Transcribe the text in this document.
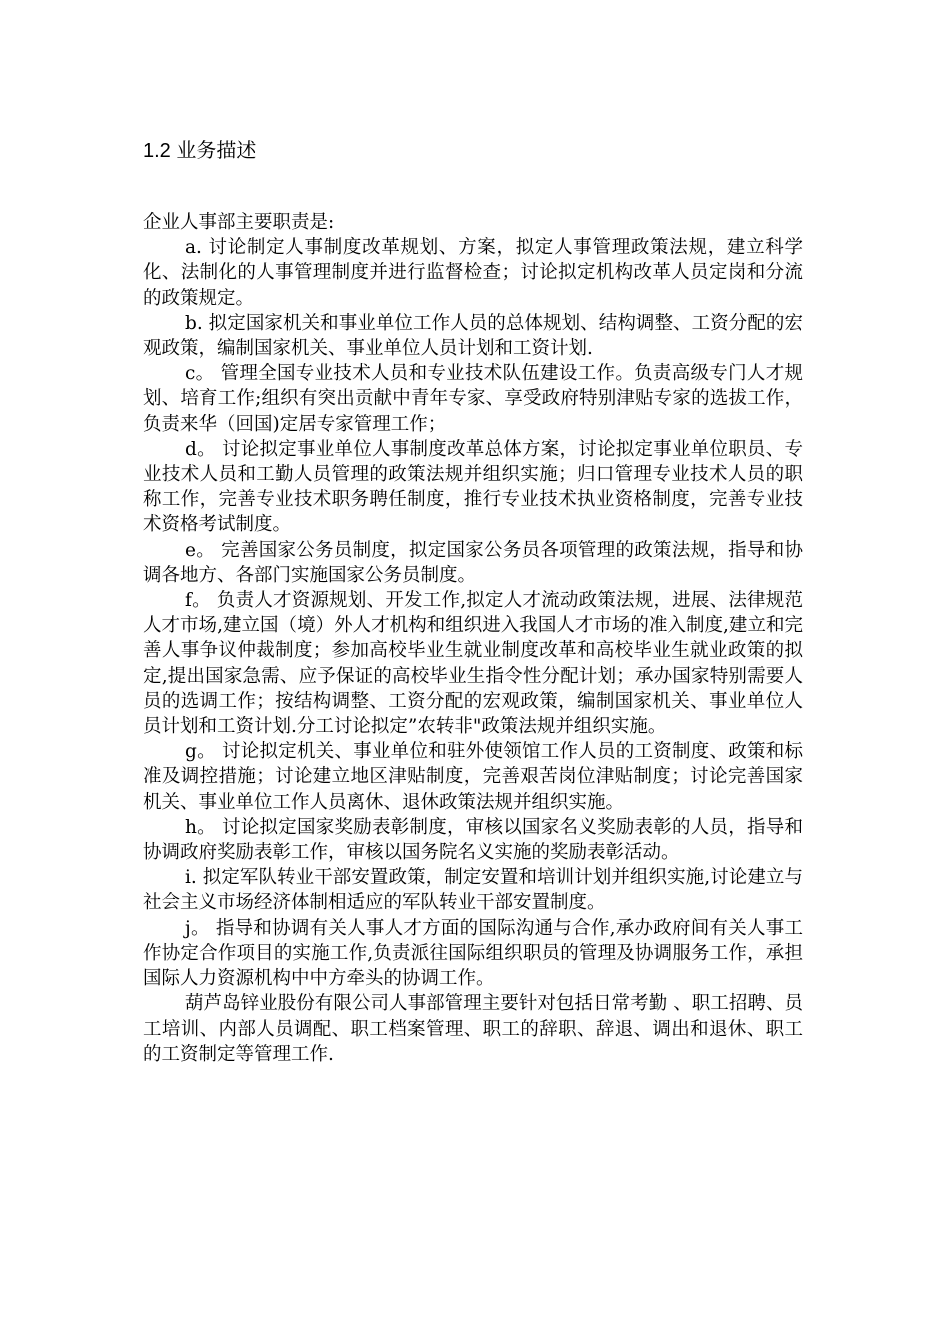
1.2 业务描述

企业人事部主要职责是:

a. 讨论制定人事制度改革规划、方案，拟定人事管理政策法规，建立科学化、法制化的人事管理制度并进行监督检查；讨论拟定机构改革人员定岗和分流的政策规定。

b. 拟定国家机关和事业单位工作人员的总体规划、结构调整、工资分配的宏观政策，编制国家机关、事业单位人员计划和工资计划.

c。 管理全国专业技术人员和专业技术队伍建设工作。负责高级专门人才规划、培育工作;组织有突出贡献中青年专家、享受政府特别津贴专家的选拔工作，负责来华（回国)定居专家管理工作；

d。 讨论拟定事业单位人事制度改革总体方案，讨论拟定事业单位职员、专业技术人员和工勤人员管理的政策法规并组织实施；归口管理专业技术人员的职称工作，完善专业技术职务聘任制度，推行专业技术执业资格制度，完善专业技术资格考试制度。

e。 完善国家公务员制度，拟定国家公务员各项管理的政策法规，指导和协调各地方、各部门实施国家公务员制度。

f。 负责人才资源规划、开发工作,拟定人才流动政策法规，进展、法律规范人才市场,建立国（境）外人才机构和组织进入我国人才市场的准入制度,建立和完善人事争议仲裁制度；参加高校毕业生就业制度改革和高校毕业生就业政策的拟定,提出国家急需、应予保证的高校毕业生指令性分配计划；承办国家特别需要人员的选调工作；按结构调整、工资分配的宏观政策，编制国家机关、事业单位人员计划和工资计划.分工讨论拟定”农转非"政策法规并组织实施。

g。 讨论拟定机关、事业单位和驻外使领馆工作人员的工资制度、政策和标准及调控措施；讨论建立地区津贴制度，完善艰苦岗位津贴制度；讨论完善国家机关、事业单位工作人员离休、退休政策法规并组织实施。

h。 讨论拟定国家奖励表彰制度，审核以国家名义奖励表彰的人员，指导和协调政府奖励表彰工作，审核以国务院名义实施的奖励表彰活动。

i. 拟定军队转业干部安置政策，制定安置和培训计划并组织实施,讨论建立与社会主义市场经济体制相适应的军队转业干部安置制度。

j。 指导和协调有关人事人才方面的国际沟通与合作,承办政府间有关人事工作协定合作项目的实施工作,负责派往国际组织职员的管理及协调服务工作，承担国际人力资源机构中中方牵头的协调工作。

葫芦岛锌业股份有限公司人事部管理主要针对包括日常考勤 、职工招聘、员工培训、内部人员调配、职工档案管理、职工的辞职、辞退、调出和退休、职工的工资制定等管理工作.
